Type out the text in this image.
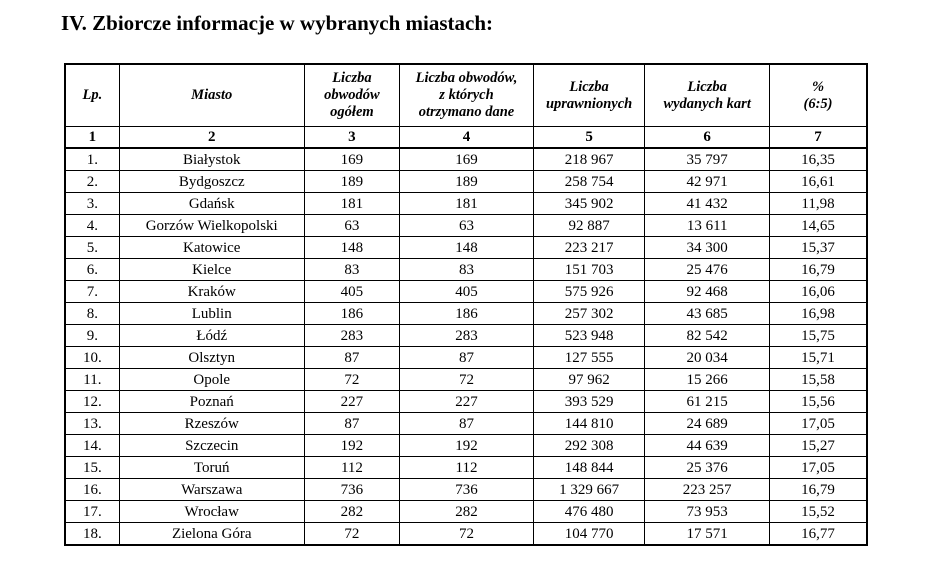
IV. Zbiorcze informacje w wybranych miastach:
Lp.	Miasto	Liczba
obwodów
ogółem	Liczba obwodów,
z których
otrzymano dane	Liczba
uprawnionych	Liczba
wydanych kart	%
(6:5)
1	2	3	4	5	6	7
1.	Białystok	169	169	218 967	35 797	16,35
2.	Bydgoszcz	189	189	258 754	42 971	16,61
3.	Gdańsk	181	181	345 902	41 432	11,98
4.	Gorzów Wielkopolski	63	63	92 887	13 611	14,65
5.	Katowice	148	148	223 217	34 300	15,37
6.	Kielce	83	83	151 703	25 476	16,79
7.	Kraków	405	405	575 926	92 468	16,06
8.	Lublin	186	186	257 302	43 685	16,98
9.	Łódź	283	283	523 948	82 542	15,75
10.	Olsztyn	87	87	127 555	20 034	15,71
11.	Opole	72	72	97 962	15 266	15,58
12.	Poznań	227	227	393 529	61 215	15,56
13.	Rzeszów	87	87	144 810	24 689	17,05
14.	Szczecin	192	192	292 308	44 639	15,27
15.	Toruń	112	112	148 844	25 376	17,05
16.	Warszawa	736	736	1 329 667	223 257	16,79
17.	Wrocław	282	282	476 480	73 953	15,52
18.	Zielona Góra	72	72	104 770	17 571	16,77
